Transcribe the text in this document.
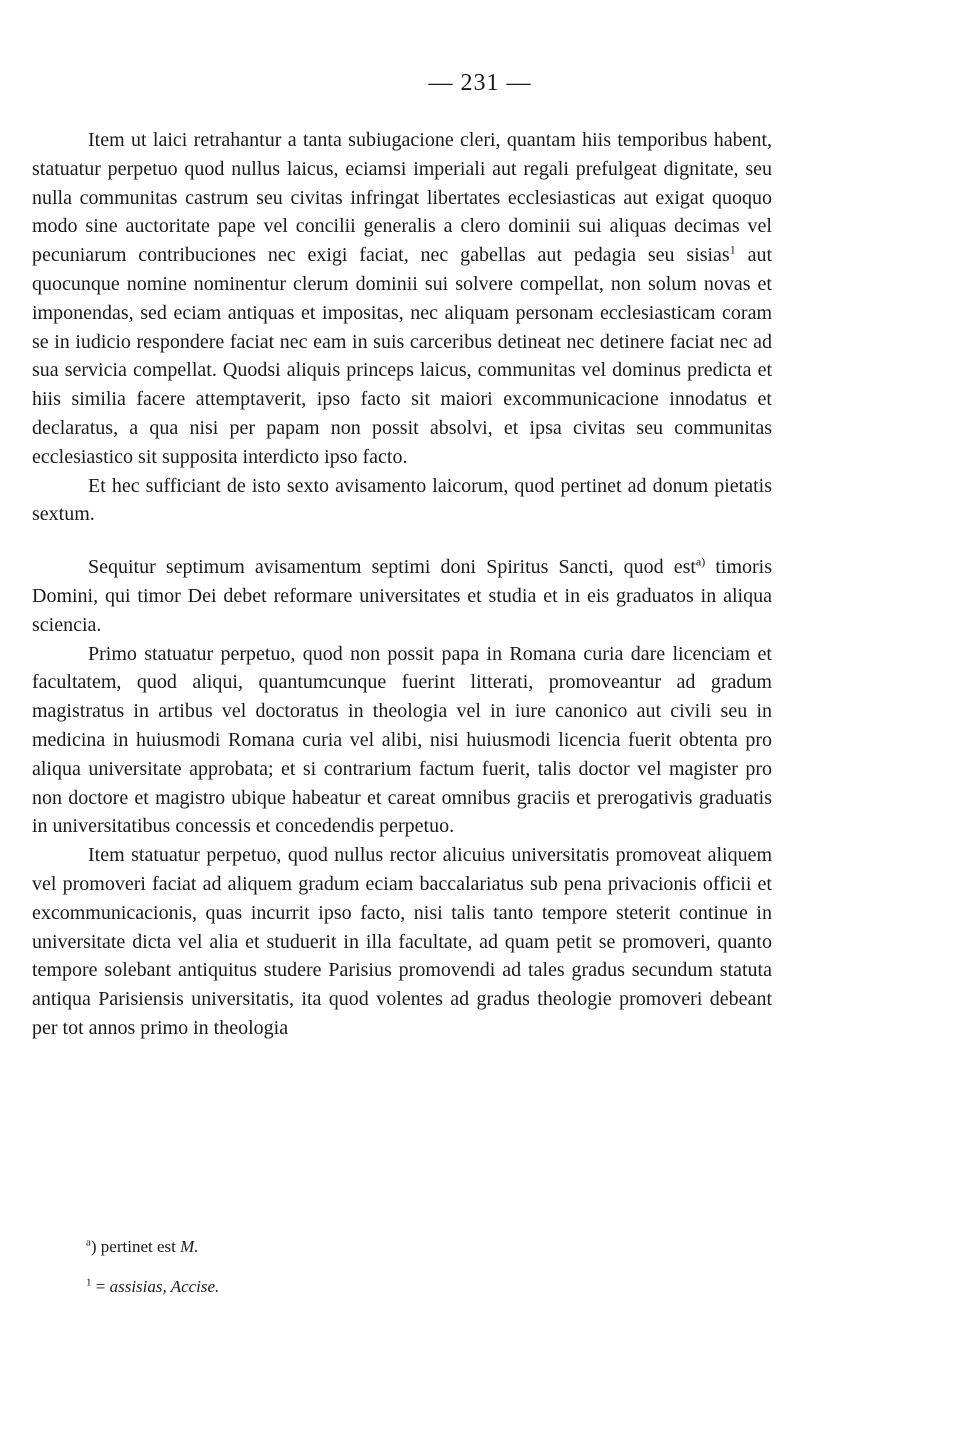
— 231 —

Item ut laici retrahantur a tanta subiugacione cleri, quantam hiis temporibus habent, statuatur perpetuo quod nullus laicus, eciamsi imperiali aut regali prefulgeat dignitate, seu nulla communitas castrum seu civitas infringat libertates ecclesiasticas aut exigat quoquo modo sine auctoritate pape vel concilii generalis a clero dominii sui aliquas decimas vel pecuniarum contribuciones nec exigi faciat, nec gabellas aut pedagia seu sisias$^1$ aut quocunque nomine nominentur clerum dominii sui solvere compellat, non solum novas et imponendas, sed eciam antiquas et impositas, nec aliquam personam ecclesiasticam coram se in iudicio respondere faciat nec eam in suis carceribus detineat nec detinere faciat nec ad sua servicia compellat. Quodsi aliquis princeps laicus, communitas vel dominus predicta et hiis similia facere attemptaverit, ipso facto sit maiori excommunicacione innodatus et declaratus, a qua nisi per papam non possit absolvi, et ipsa civitas seu communitas ecclesiastico sit supposita interdicto ipso facto.

Et hec sufficiant de isto sexto avisamento laicorum, quod pertinet ad donum pietatis sextum.

Sequitur septimum avisamentum septimi doni Spiritus Sancti, quod est$^{a)}$ timoris Domini, qui timor Dei debet reformare universitates et studia et in eis graduatos in aliqua sciencia.

Primo statuatur perpetuo, quod non possit papa in Romana curia dare licenciam et facultatem, quod aliqui, quantumcunque fuerint litterati, promoveantur ad gradum magistratus in artibus vel doctoratus in theologia vel in iure canonico aut civili seu in medicina in huiusmodi Romana curia vel alibi, nisi huiusmodi licencia fuerit obtenta pro aliqua universitate approbata; et si contrarium factum fuerit, talis doctor vel magister pro non doctore et magistro ubique habeatur et careat omnibus graciis et prerogativis graduatis in universitatibus concessis et concedendis perpetuo.

Item statuatur perpetuo, quod nullus rector alicuius universitatis promoveat aliquem vel promoveri faciat ad aliquem gradum eciam baccalariatus sub pena privacionis officii et excommunicacionis, quas incurrit ipso facto, nisi talis tanto tempore steterit continue in universitate dicta vel alia et studuerit in illa facultate, ad quam petit se promoveri, quanto tempore solebant antiquitus studere Parisius promovendi ad tales gradus secundum statuta antiqua Parisiensis universitatis, ita quod volentes ad gradus theologie promoveri debeant per tot annos primo in theologia

$^a$) pertinet est M.
$^1$ = assisias, Accise.
